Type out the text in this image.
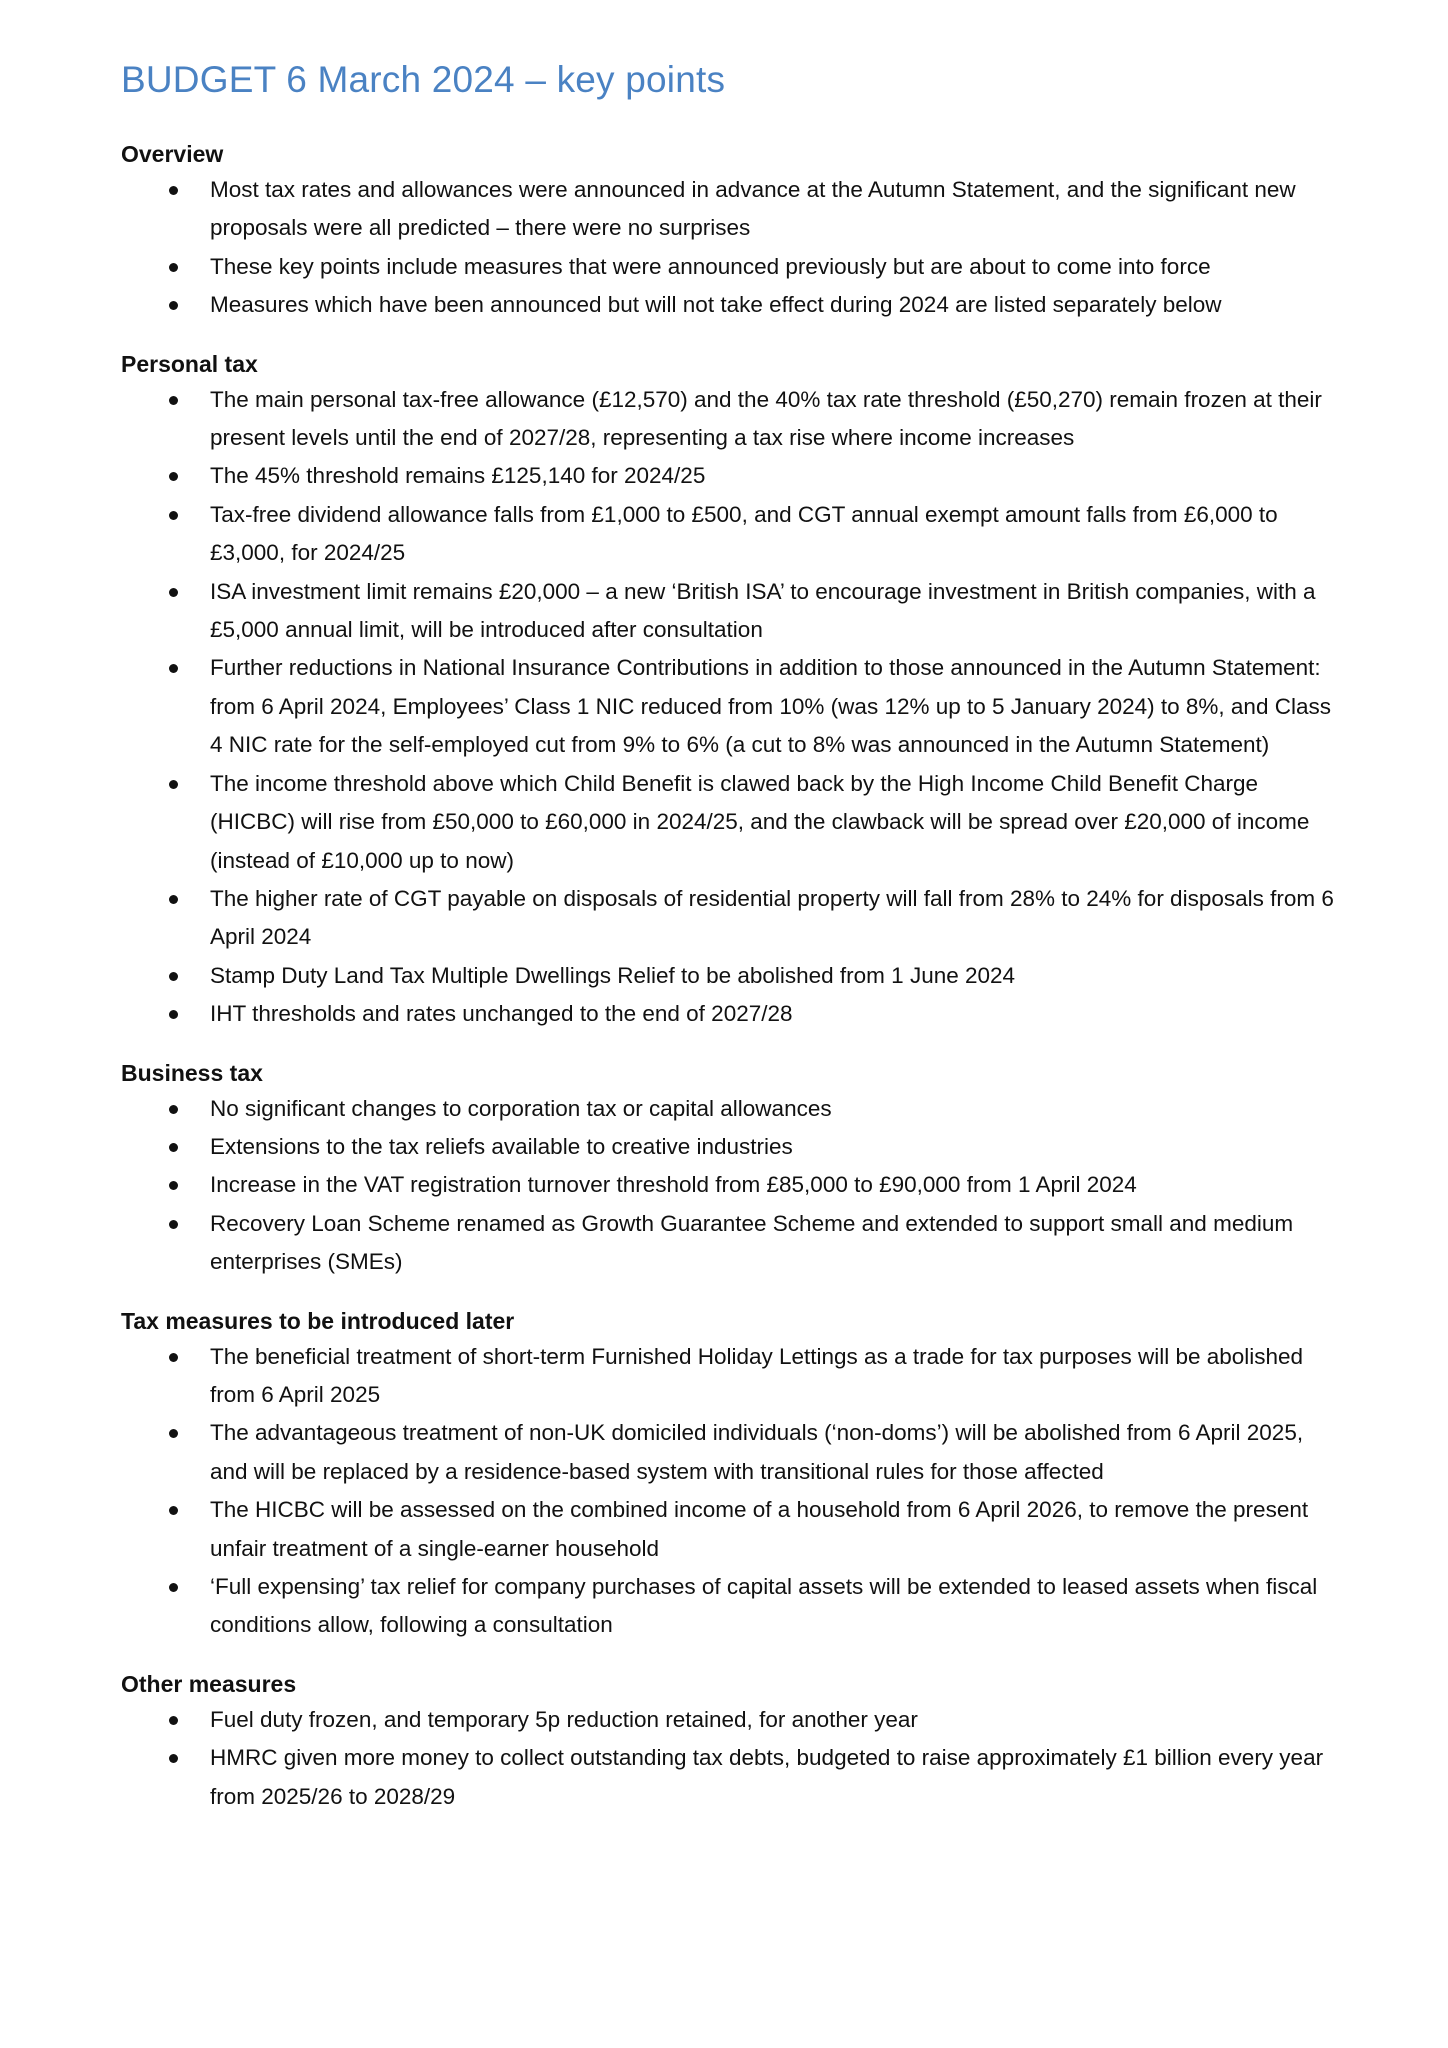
BUDGET 6 March 2024 – key points
Overview
Most tax rates and allowances were announced in advance at the Autumn Statement, and the significant new proposals were all predicted – there were no surprises
These key points include measures that were announced previously but are about to come into force
Measures which have been announced but will not take effect during 2024 are listed separately below
Personal tax
The main personal tax-free allowance (£12,570) and the 40% tax rate threshold (£50,270) remain frozen at their present levels until the end of 2027/28, representing a tax rise where income increases
The 45% threshold remains £125,140 for 2024/25
Tax-free dividend allowance falls from £1,000 to £500, and CGT annual exempt amount falls from £6,000 to £3,000, for 2024/25
ISA investment limit remains £20,000 – a new ‘British ISA’ to encourage investment in British companies, with a £5,000 annual limit, will be introduced after consultation
Further reductions in National Insurance Contributions in addition to those announced in the Autumn Statement: from 6 April 2024, Employees’ Class 1 NIC reduced from 10% (was 12% up to 5 January 2024) to 8%, and Class 4 NIC rate for the self-employed cut from 9% to 6% (a cut to 8% was announced in the Autumn Statement)
The income threshold above which Child Benefit is clawed back by the High Income Child Benefit Charge (HICBC) will rise from £50,000 to £60,000 in 2024/25, and the clawback will be spread over £20,000 of income (instead of £10,000 up to now)
The higher rate of CGT payable on disposals of residential property will fall from 28% to 24% for disposals from 6 April 2024
Stamp Duty Land Tax Multiple Dwellings Relief to be abolished from 1 June 2024
IHT thresholds and rates unchanged to the end of 2027/28
Business tax
No significant changes to corporation tax or capital allowances
Extensions to the tax reliefs available to creative industries
Increase in the VAT registration turnover threshold from £85,000 to £90,000 from 1 April 2024
Recovery Loan Scheme renamed as Growth Guarantee Scheme and extended to support small and medium enterprises (SMEs)
Tax measures to be introduced later
The beneficial treatment of short-term Furnished Holiday Lettings as a trade for tax purposes will be abolished from 6 April 2025
The advantageous treatment of non-UK domiciled individuals (‘non-doms’) will be abolished from 6 April 2025, and will be replaced by a residence-based system with transitional rules for those affected
The HICBC will be assessed on the combined income of a household from 6 April 2026, to remove the present unfair treatment of a single-earner household
‘Full expensing’ tax relief for company purchases of capital assets will be extended to leased assets when fiscal conditions allow, following a consultation
Other measures
Fuel duty frozen, and temporary 5p reduction retained, for another year
HMRC given more money to collect outstanding tax debts, budgeted to raise approximately £1 billion every year from 2025/26 to 2028/29
